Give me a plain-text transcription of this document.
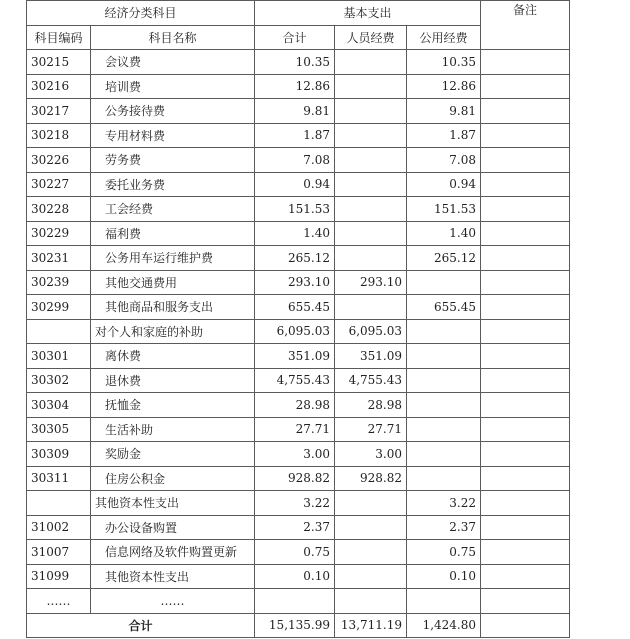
经济分类科目		基本支出			备注
科目编码	科目名称	合计	人员经费	公用经费	
30215	会议费	10.35		10.35	
30216	培训费	12.86		12.86	
30217	公务接待费	9.81		9.81	
30218	专用材料费	1.87		1.87	
30226	劳务费	7.08		7.08	
30227	委托业务费	0.94		0.94	
30228	工会经费	151.53		151.53	
30229	福利费	1.40		1.40	
30231	公务用车运行维护费	265.12		265.12	
30239	其他交通费用	293.10	293.10		
30299	其他商品和服务支出	655.45		655.45	
	对个人和家庭的补助	6,095.03	6,095.03		
30301	离休费	351.09	351.09		
30302	退休费	4,755.43	4,755.43		
30304	抚恤金	28.98	28.98		
30305	生活补助	27.71	27.71		
30309	奖励金	3.00	3.00		
30311	住房公积金	928.82	928.82		
	其他资本性支出	3.22		3.22	
31002	办公设备购置	2.37		2.37	
31007	信息网络及软件购置更新	0.75		0.75	
31099	其他资本性支出	0.10		0.10	
……	……				
合计		15,135.99	13,711.19	1,424.80	
